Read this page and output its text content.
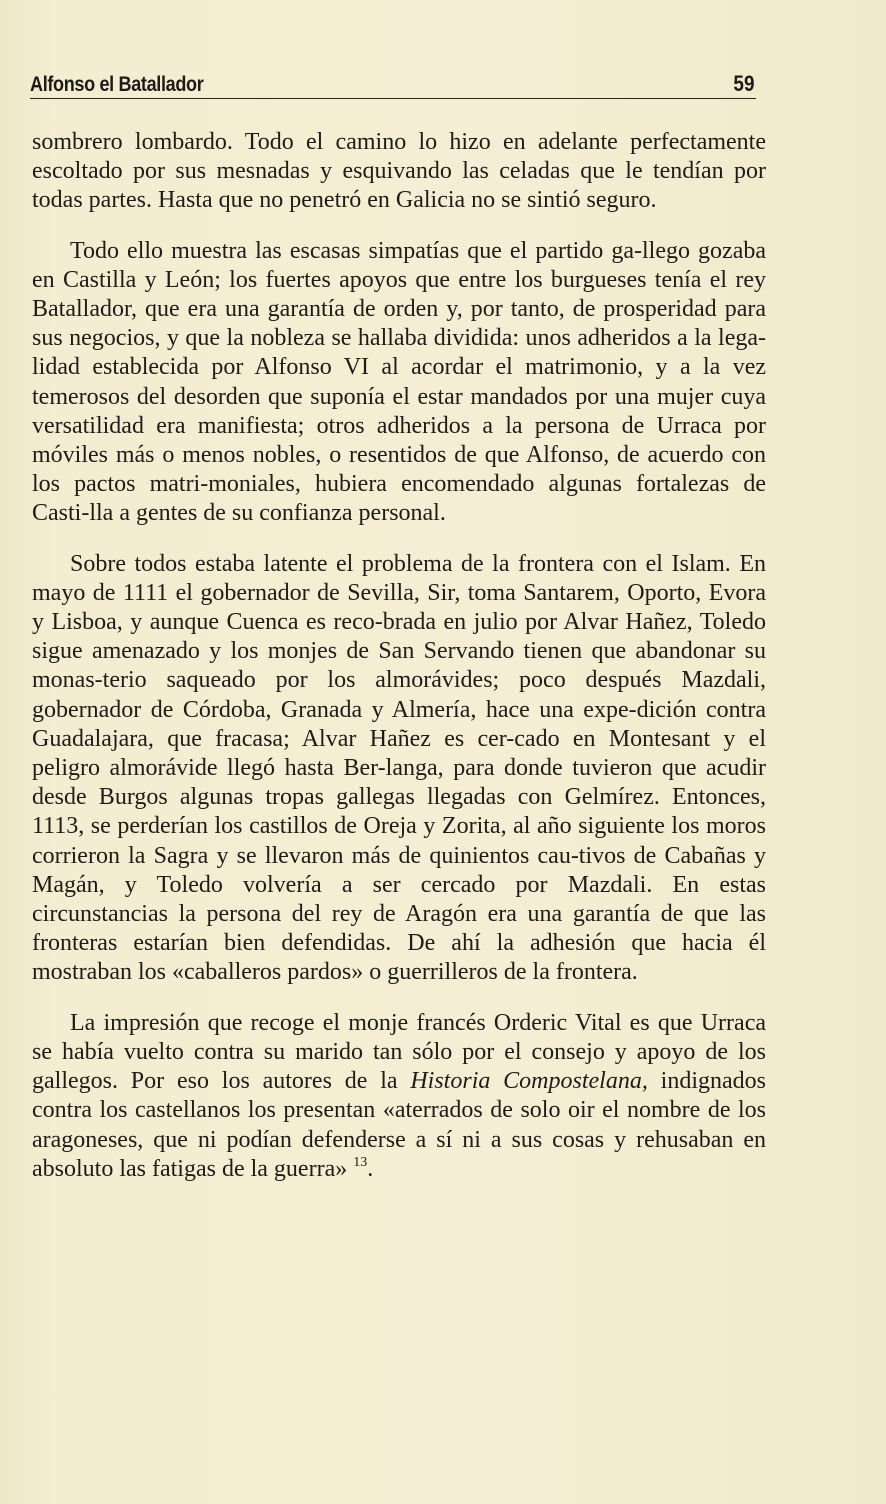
Alfonso el Batallador	59

sombrero lombardo. Todo el camino lo hizo en adelante perfectamente escoltado por sus mesnadas y esquivando las celadas que le tendían por todas partes. Hasta que no penetró en Galicia no se sintió seguro.

Todo ello muestra las escasas simpatías que el partido ga-llego gozaba en Castilla y León; los fuertes apoyos que entre los burgueses tenía el rey Batallador, que era una garantía de orden y, por tanto, de prosperidad para sus negocios, y que la nobleza se hallaba dividida: unos adheridos a la lega-lidad establecida por Alfonso VI al acordar el matrimonio, y a la vez temerosos del desorden que suponía el estar mandados por una mujer cuya versatilidad era manifiesta; otros adheridos a la persona de Urraca por móviles más o menos nobles, o resentidos de que Alfonso, de acuerdo con los pactos matri-moniales, hubiera encomendado algunas fortalezas de Casti-lla a gentes de su confianza personal.

Sobre todos estaba latente el problema de la frontera con el Islam. En mayo de 1111 el gobernador de Sevilla, Sir, toma Santarem, Oporto, Evora y Lisboa, y aunque Cuenca es reco-brada en julio por Alvar Hañez, Toledo sigue amenazado y los monjes de San Servando tienen que abandonar su monas-terio saqueado por los almorávides; poco después Mazdali, gobernador de Córdoba, Granada y Almería, hace una expe-dición contra Guadalajara, que fracasa; Alvar Hañez es cer-cado en Montesant y el peligro almorávide llegó hasta Ber-langa, para donde tuvieron que acudir desde Burgos algunas tropas gallegas llegadas con Gelmírez. Entonces, 1113, se perderían los castillos de Oreja y Zorita, al año siguiente los moros corrieron la Sagra y se llevaron más de quinientos cau-tivos de Cabañas y Magán, y Toledo volvería a ser cercado por Mazdali. En estas circunstancias la persona del rey de Aragón era una garantía de que las fronteras estarían bien defendidas. De ahí la adhesión que hacia él mostraban los «caballeros pardos» o guerrilleros de la frontera.

La impresión que recoge el monje francés Orderic Vital es que Urraca se había vuelto contra su marido tan sólo por el consejo y apoyo de los gallegos. Por eso los autores de la Historia Compostelana, indignados contra los castellanos los presentan «aterrados de solo oir el nombre de los aragoneses, que ni podían defenderse a sí ni a sus cosas y rehusaban en absoluto las fatigas de la guerra» $^{13}$.
